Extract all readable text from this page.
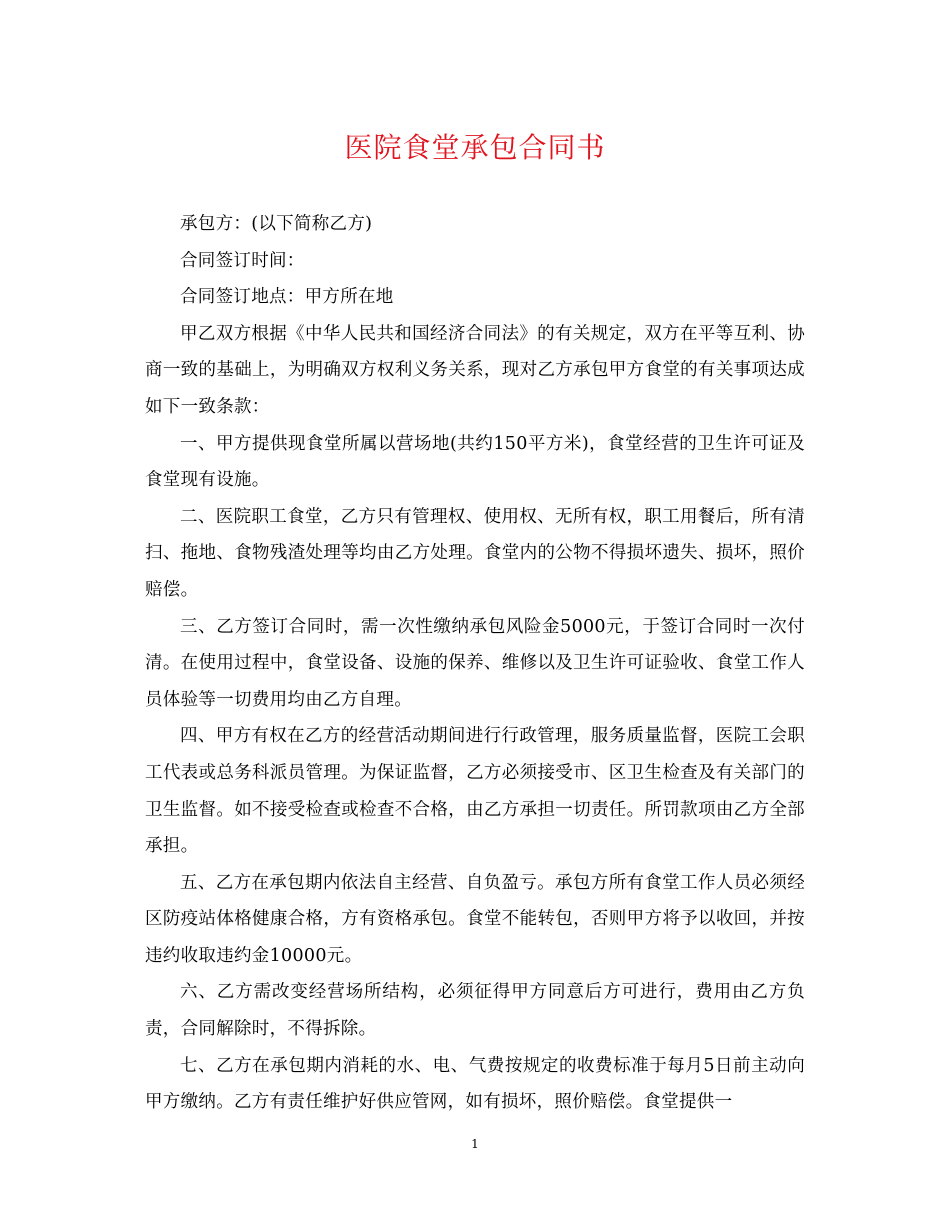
医院食堂承包合同书

承包方：(以下简称乙方)

合同签订时间：

合同签订地点：甲方所在地

甲乙双方根据《中华人民共和国经济合同法》的有关规定，双方在平等互利、协商一致的基础上，为明确双方权利义务关系，现对乙方承包甲方食堂的有关事项达成如下一致条款：

一、甲方提供现食堂所属以营场地(共约150平方米)，食堂经营的卫生许可证及食堂现有设施。

二、医院职工食堂，乙方只有管理权、使用权、无所有权，职工用餐后，所有清扫、拖地、食物残渣处理等均由乙方处理。食堂内的公物不得损坏遗失、损坏，照价赔偿。

三、乙方签订合同时，需一次性缴纳承包风险金5000元，于签订合同时一次付清。在使用过程中，食堂设备、设施的保养、维修以及卫生许可证验收、食堂工作人员体验等一切费用均由乙方自理。

四、甲方有权在乙方的经营活动期间进行行政管理，服务质量监督，医院工会职工代表或总务科派员管理。为保证监督，乙方必须接受市、区卫生检查及有关部门的卫生监督。如不接受检查或检查不合格，由乙方承担一切责任。所罚款项由乙方全部承担。

五、乙方在承包期内依法自主经营、自负盈亏。承包方所有食堂工作人员必须经区防疫站体格健康合格，方有资格承包。食堂不能转包，否则甲方将予以收回，并按违约收取违约金10000元。

六、乙方需改变经营场所结构，必须征得甲方同意后方可进行，费用由乙方负责，合同解除时，不得拆除。

七、乙方在承包期内消耗的水、电、气费按规定的收费标准于每月5日前主动向甲方缴纳。乙方有责任维护好供应管网，如有损坏，照价赔偿。食堂提供一

1
